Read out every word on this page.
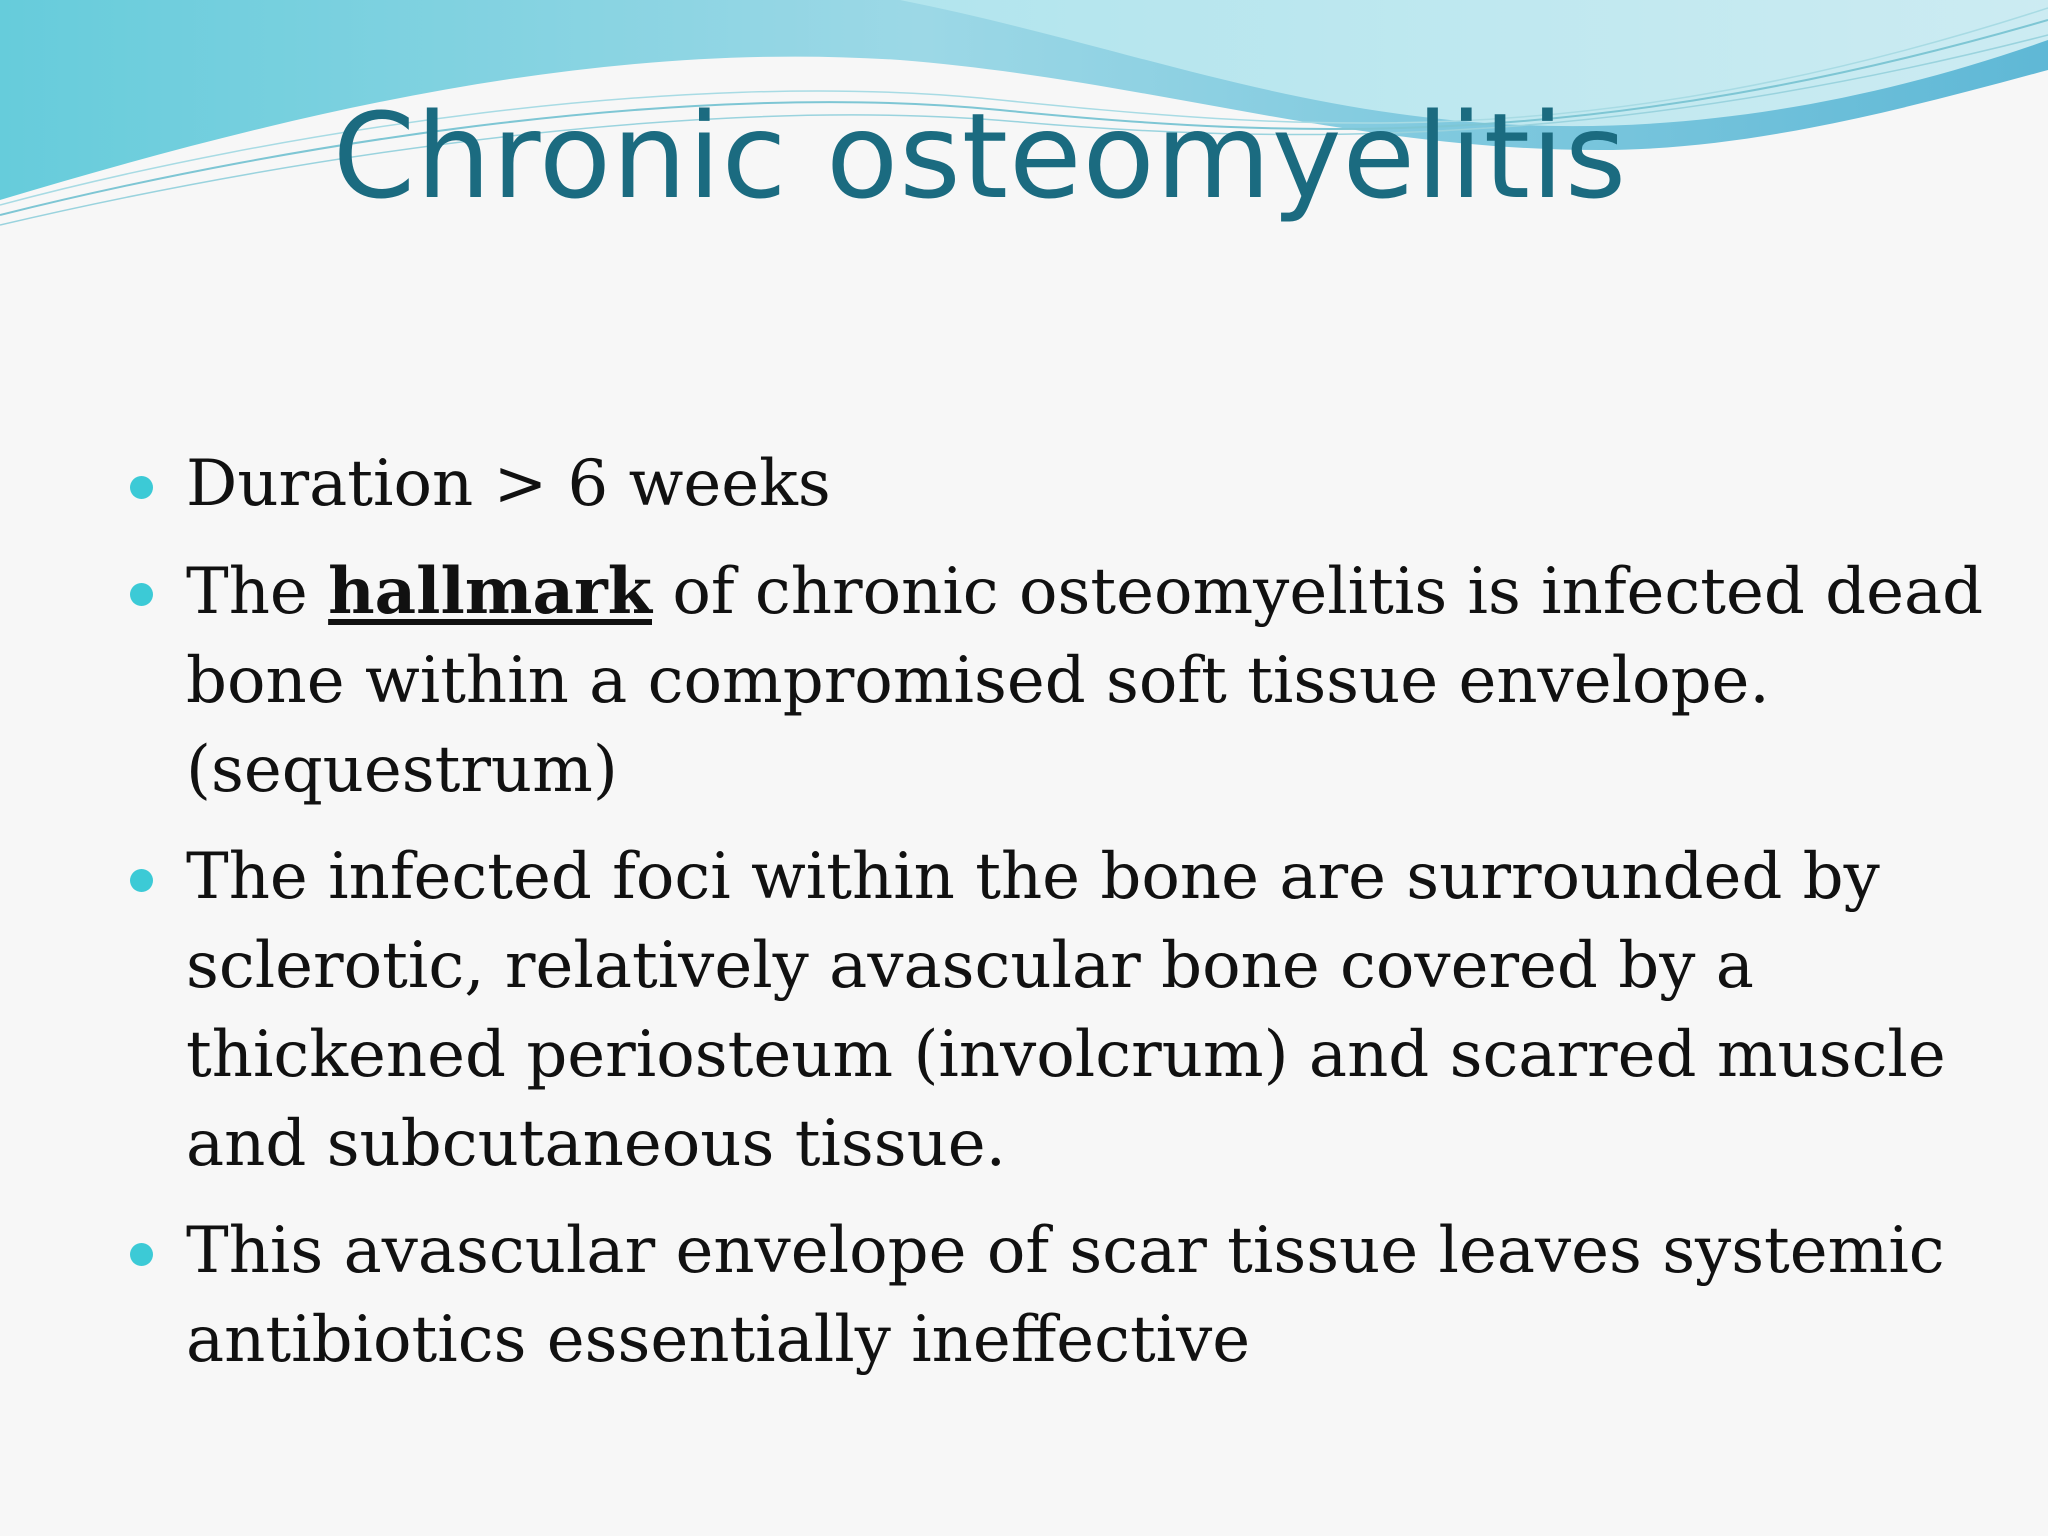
Chronic osteomyelitis
Duration > 6 weeks
The hallmark of chronic osteomyelitis is infected dead bone within a compromised soft tissue envelope.(sequestrum)
The infected foci within the bone are surrounded by sclerotic, relatively avascular bone covered by a thickened periosteum (involcrum) and scarred muscle and subcutaneous tissue.
This avascular envelope of scar tissue leaves systemic antibiotics essentially ineffective
